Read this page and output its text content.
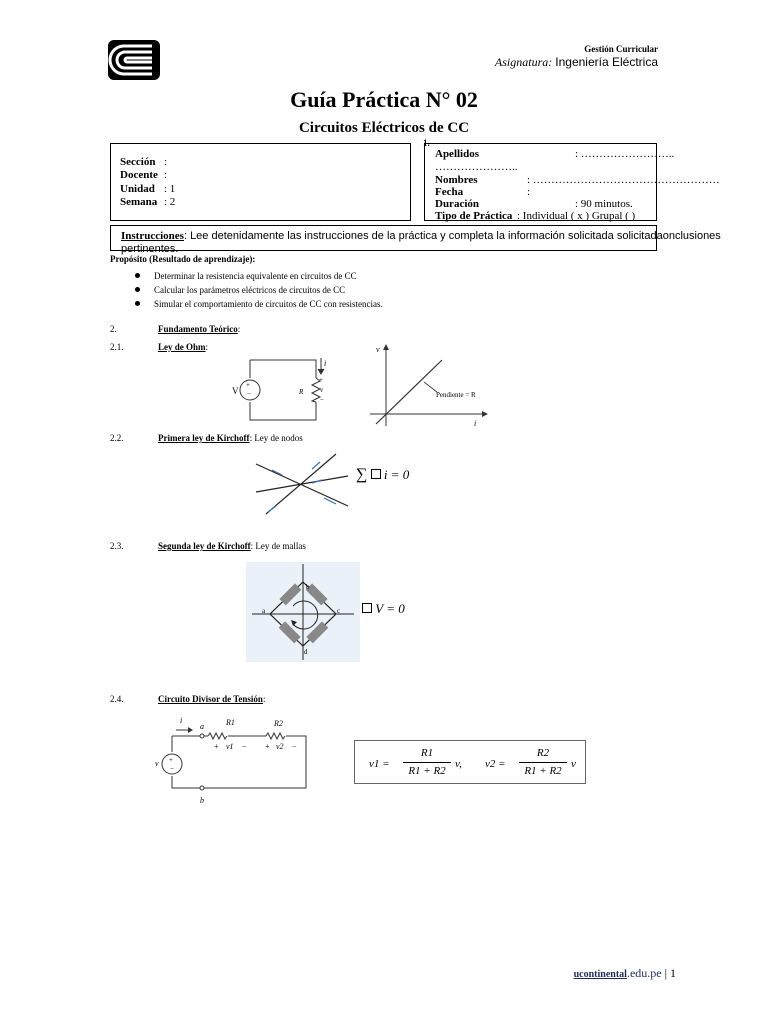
Gestión Curricular
Asignatura: Ingeniería Eléctrica
Guía Práctica N° 02
Circuitos Eléctricos de CC
1.
Sección :
Docente :
Unidad : 1
Semana : 2
Apellidos	: ……………………..
…………………..
Nombres	: ……………………………………………
Fecha	:
Duración	: 90 minutos.
Tipo de Práctica : Individual ( x ) Grupal ( )
Instrucciones: Lee detenidamente las instrucciones de la práctica y completa la información solicitada solicitadaonclusiones
pertinentes.
Propósito (Resultado de aprendizaje):
Determinar la resistencia equivalente en circuitos de CC
Calcular los parámetros eléctricos de circuitos de CC
Simular el comportamiento de circuitos de CC con resistencias.
2.	Fundamento Teórico:
2.1.	Ley de Ohm:
+
−
V	R
i
+
v
−
v
i
Pendiente = R
2.2.	Primera ley de Kirchoff: Ley de nodos
∑ i = 0
2.3.	Segunda ley de Kirchoff: Ley de mallas
b
c
d
a	V = 0
2.4.	Circuito Divisor de Tensión:
+
−
v
i
a
b
R1	R2
+ v1 − + v2 −
v1 =
R1
R1 + R2
v, v2 =
R2
R1 + R2
v
ucontinental.edu.pe | 1
